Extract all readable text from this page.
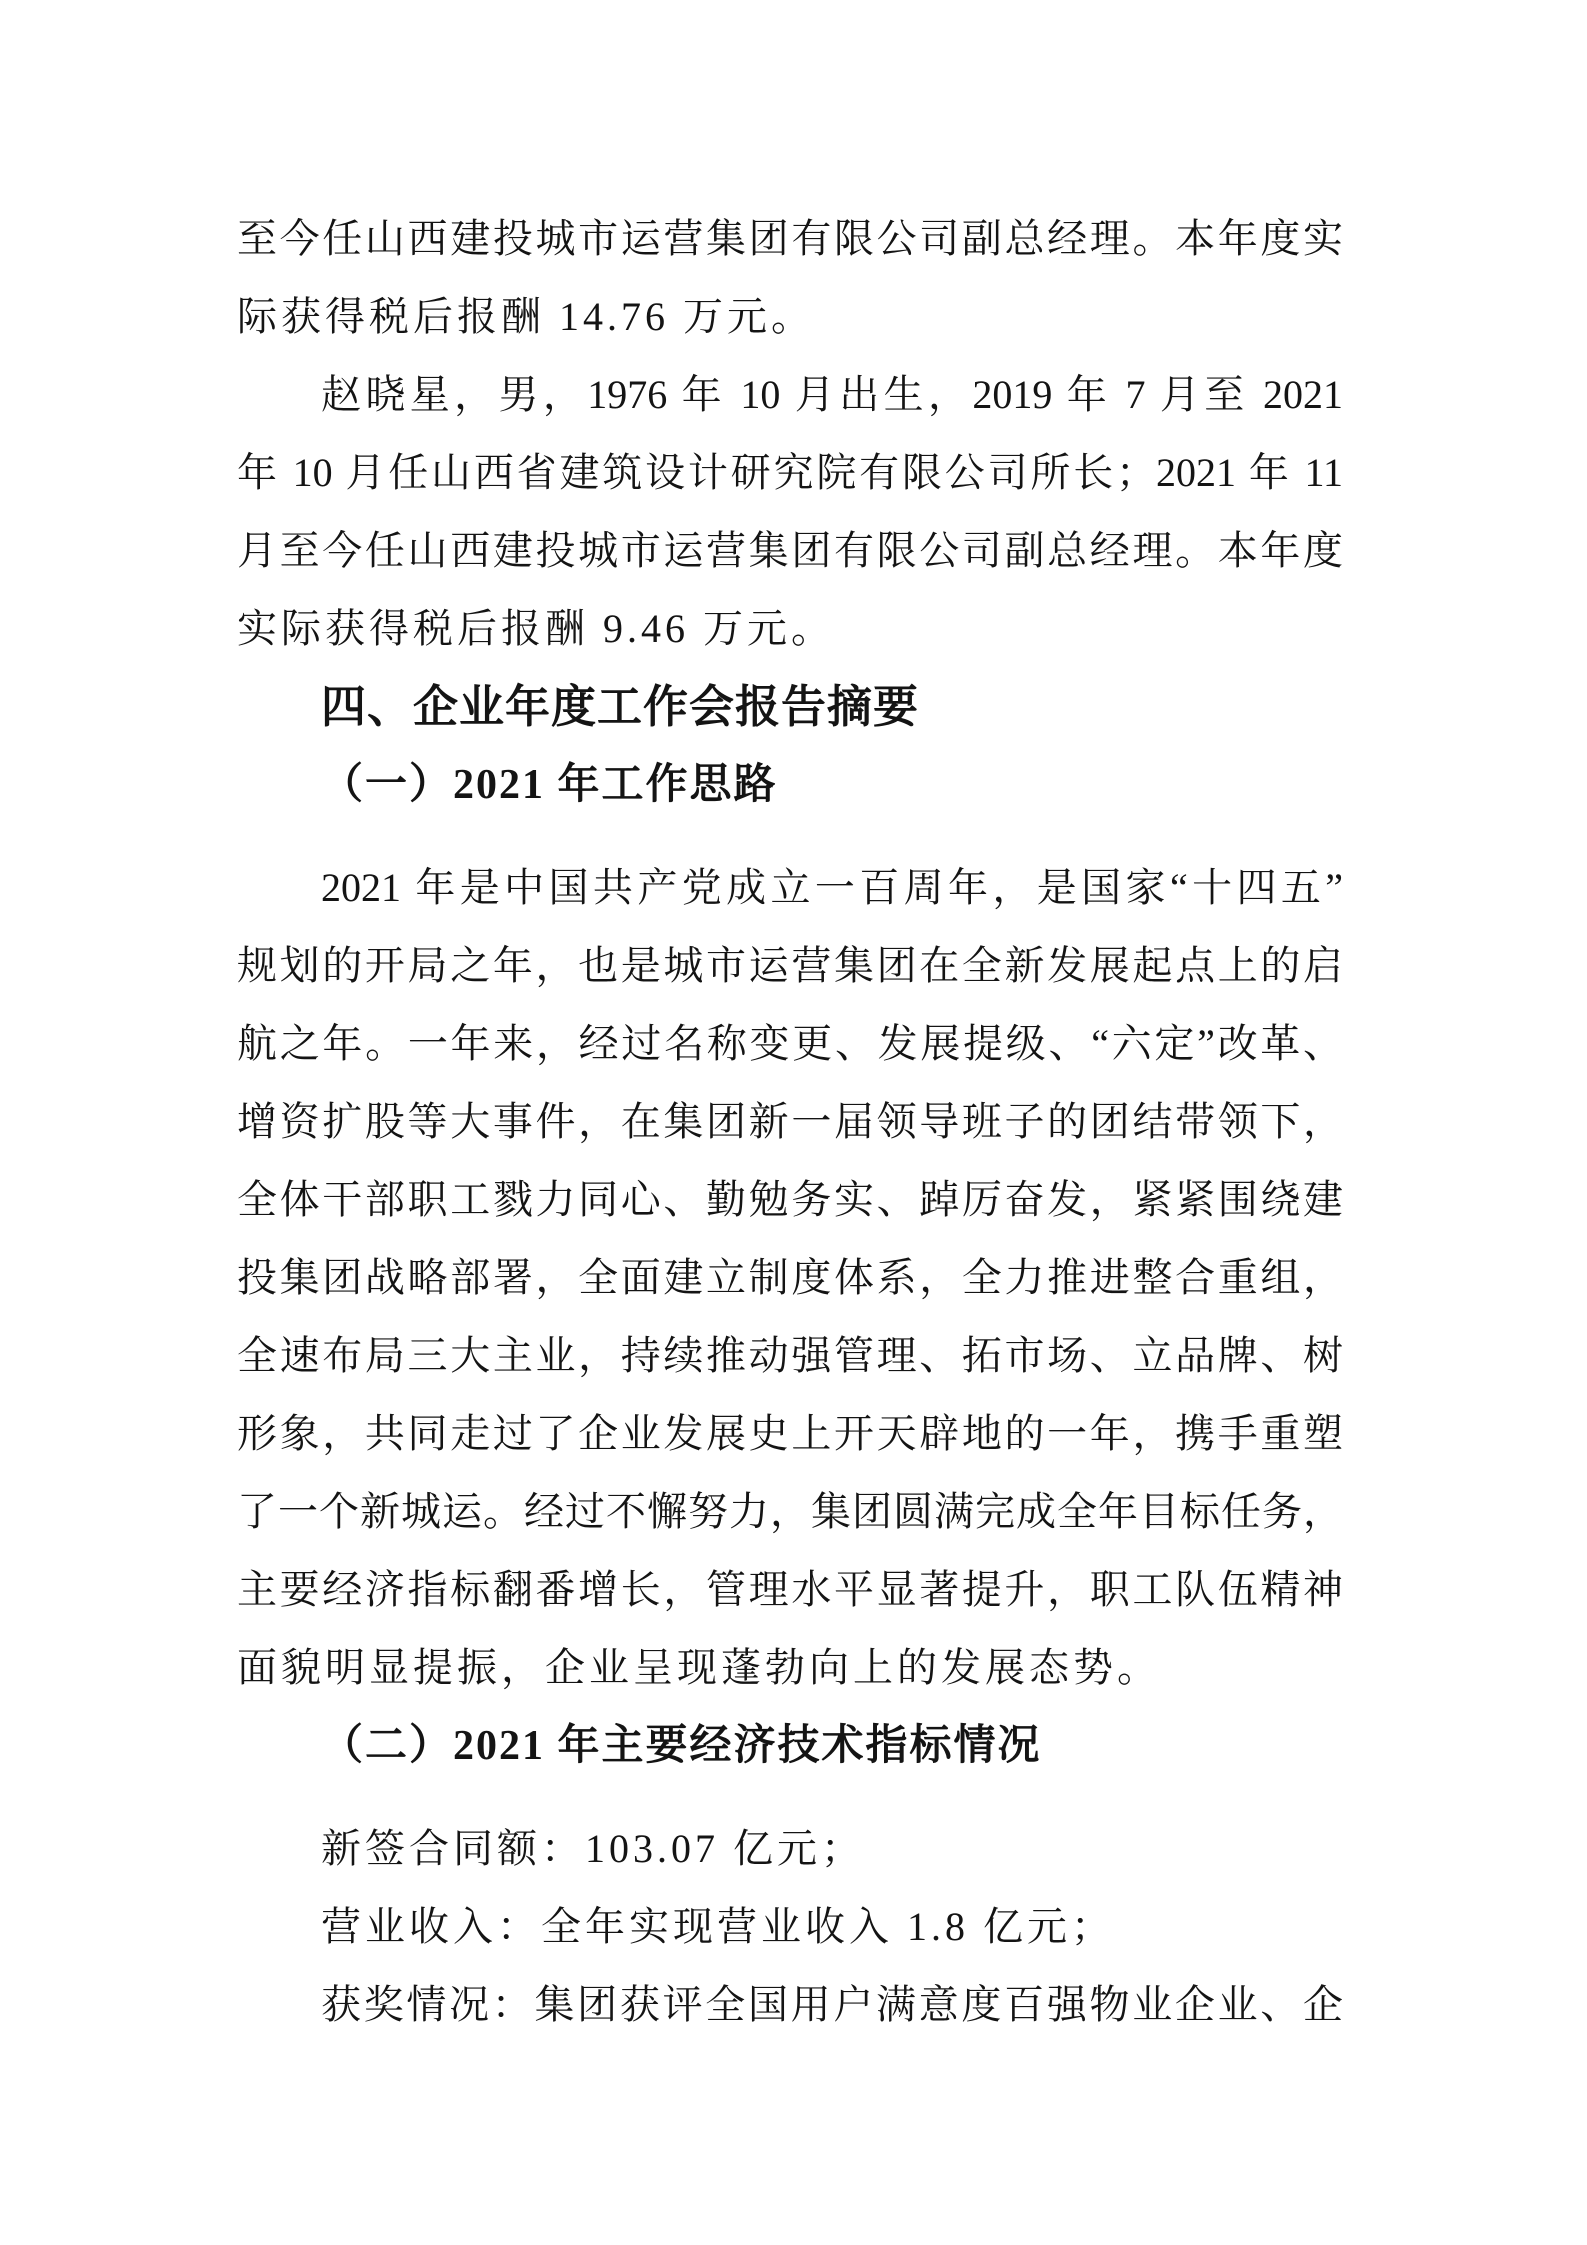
至今任山西建投城市运营集团有限公司副总经理。本年度实
际获得税后报酬 14.76 万元。
赵晓星，男，1976 年 10 月出生，2019 年 7 月至 2021
年 10 月任山西省建筑设计研究院有限公司所长；2021 年 11
月至今任山西建投城市运营集团有限公司副总经理。本年度
实际获得税后报酬 9.46 万元。
四、企业年度工作会报告摘要
（一）2021 年工作思路
2021 年是中国共产党成立一百周年，是国家“十四五”
规划的开局之年，也是城市运营集团在全新发展起点上的启
航之年。一年来，经过名称变更、发展提级、“六定”改革、
增资扩股等大事件，在集团新一届领导班子的团结带领下，
全体干部职工戮力同心、勤勉务实、踔厉奋发，紧紧围绕建
投集团战略部署，全面建立制度体系，全力推进整合重组，
全速布局三大主业，持续推动强管理、拓市场、立品牌、树
形象，共同走过了企业发展史上开天辟地的一年，携手重塑
了一个新城运。经过不懈努力，集团圆满完成全年目标任务，
主要经济指标翻番增长，管理水平显著提升，职工队伍精神
面貌明显提振，企业呈现蓬勃向上的发展态势。
（二）2021 年主要经济技术指标情况
新签合同额：103.07 亿元；
营业收入：全年实现营业收入 1.8 亿元；
获奖情况：集团获评全国用户满意度百强物业企业、企
